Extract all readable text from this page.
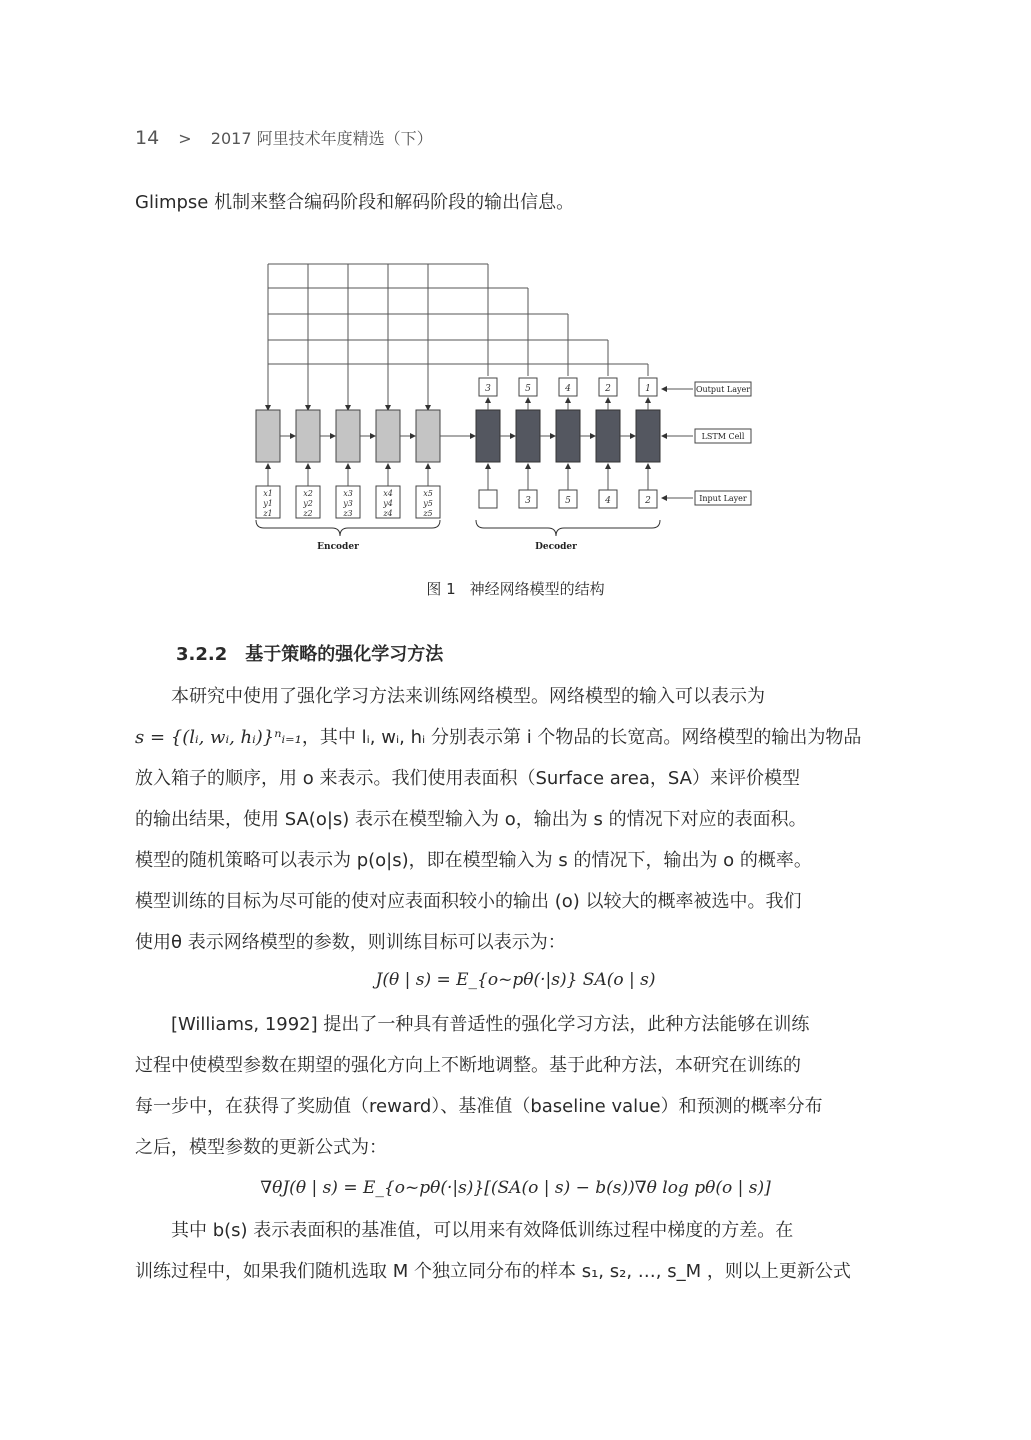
14 > 2017 阿里技术年度精选（下）
Glimpse 机制来整合编码阶段和解码阶段的输出信息。
x1
y1
z1
x2
y2
z2
x3
y3
z3
x4
y4
z4
x5
y5
z5
3	5
3
4
5
2
4
1
2
Output Layer
LSTM Cell
Input Layer
Encoder	Decoder
图 1 神经网络模型的结构
3.2.2 基于策略的强化学习方法
本研究中使用了强化学习方法来训练网络模型。网络模型的输入可以表示为
s = {(lᵢ, wᵢ, hᵢ)}ⁿᵢ₌₁，其中 lᵢ, wᵢ, hᵢ 分别表示第 i 个物品的长宽高。网络模型的输出为物品
放入箱子的顺序，用 o 来表示。我们使用表面积（Surface area，SA）来评价模型
的输出结果，使用 SA(o|s) 表示在模型输入为 o，输出为 s 的情况下对应的表面积。
模型的随机策略可以表示为 p(o|s)，即在模型输入为 s 的情况下，输出为 o 的概率。
模型训练的目标为尽可能的使对应表面积较小的输出 (o) 以较大的概率被选中。我们
使用θ 表示网络模型的参数，则训练目标可以表示为：
J(θ | s) = E_{o~pθ(·|s)} SA(o | s)
[Williams, 1992] 提出了一种具有普适性的强化学习方法，此种方法能够在训练
过程中使模型参数在期望的强化方向上不断地调整。基于此种方法，本研究在训练的
每一步中，在获得了奖励值（reward）、基准值（baseline value）和预测的概率分布
之后，模型参数的更新公式为：
∇θJ(θ | s) = E_{o~pθ(·|s)}[(SA(o | s) − b(s))∇θ log pθ(o | s)]
其中 b(s) 表示表面积的基准值，可以用来有效降低训练过程中梯度的方差。在
训练过程中，如果我们随机选取 M 个独立同分布的样本 s₁, s₂, …, s_M ，则以上更新公式
